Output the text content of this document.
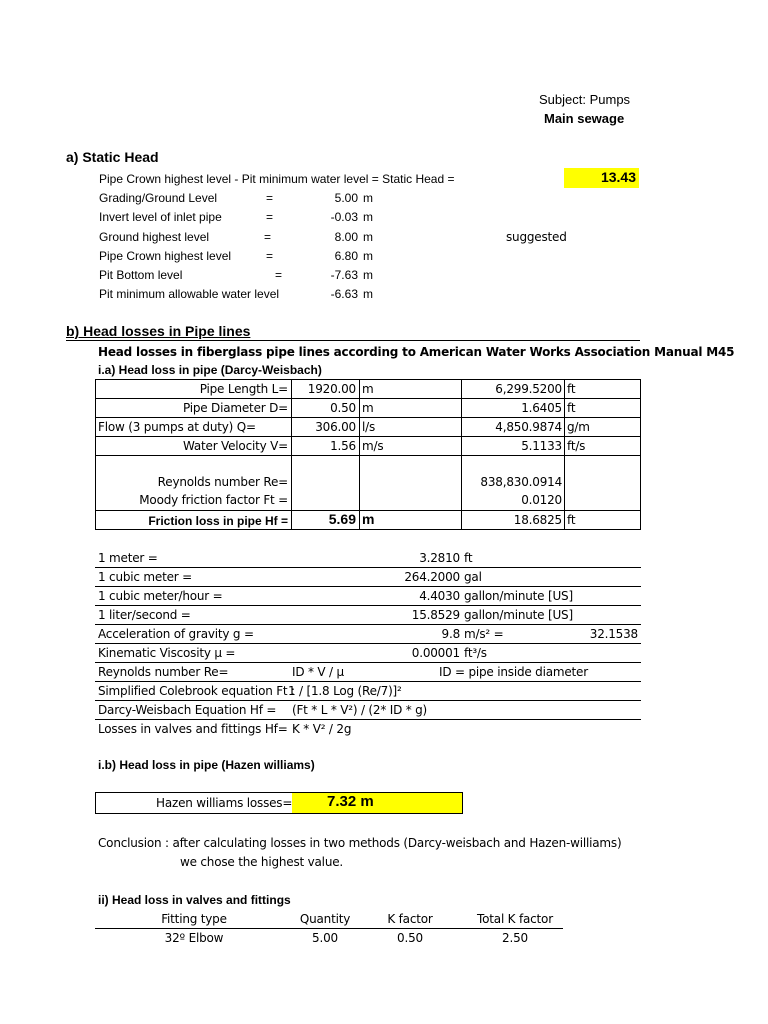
Subject: Pumps
Main sewage
a) Static Head
Pipe Crown highest level - Pit minimum water level = Static Head =	13.43
Grading/Ground Level	=	5.00 m
Invert level of inlet pipe	=	-0.03 m
Ground highest level	=	8.00 m	suggested
Pipe Crown highest level	=	6.80 m
Pit Bottom level	=	-7.63 m
Pit minimum allowable water level	-6.63 m
b) Head losses in Pipe lines
Head losses in fiberglass pipe lines according to American Water Works Association Manual M45
i.a) Head loss in pipe (Darcy-Weisbach)
Pipe Length L=	1920.00 m	6,299.5200 ft
Pipe Diameter D=	0.50 m	1.6405 ft
Flow (3 pumps at duty) Q=	306.00 l/s	4,850.9874 g/m
Water Velocity V=	1.56 m/s	5.1133 ft/s
Reynolds number Re=	838,830.0914
Moody friction factor Ft =	0.0120
Friction loss in pipe Hf =	5.69 m	18.6825 ft
1 meter =	3.2810 ft
1 cubic meter =	264.2000 gal
1 cubic meter/hour =	4.4030 gallon/minute [US]
1 liter/second =	15.8529 gallon/minute [US]
Acceleration of gravity g =	9.8 m/s² =	32.1538
Kinematic Viscosity μ =	0.00001 ft³/s
Reynolds number Re=	ID * V / μ	ID = pipe inside diameter
Simplified Colebrook equation Ft :
1 / [1.8 Log (Re/7)]²
Darcy-Weisbach Equation Hf = (Ft * L * V²) / (2* ID * g)
Losses in valves and fittings Hf= K * V² / 2g
i.b) Head loss in pipe (Hazen williams)
Hazen williams losses= 7.32 m
Conclusion : after calculating losses in two methods (Darcy-weisbach and Hazen-williams)
we chose the highest value.
ii) Head loss in valves and fittings
Fitting type	Quantity	K factor	Total K factor
32º Elbow	5.00	0.50	2.50
